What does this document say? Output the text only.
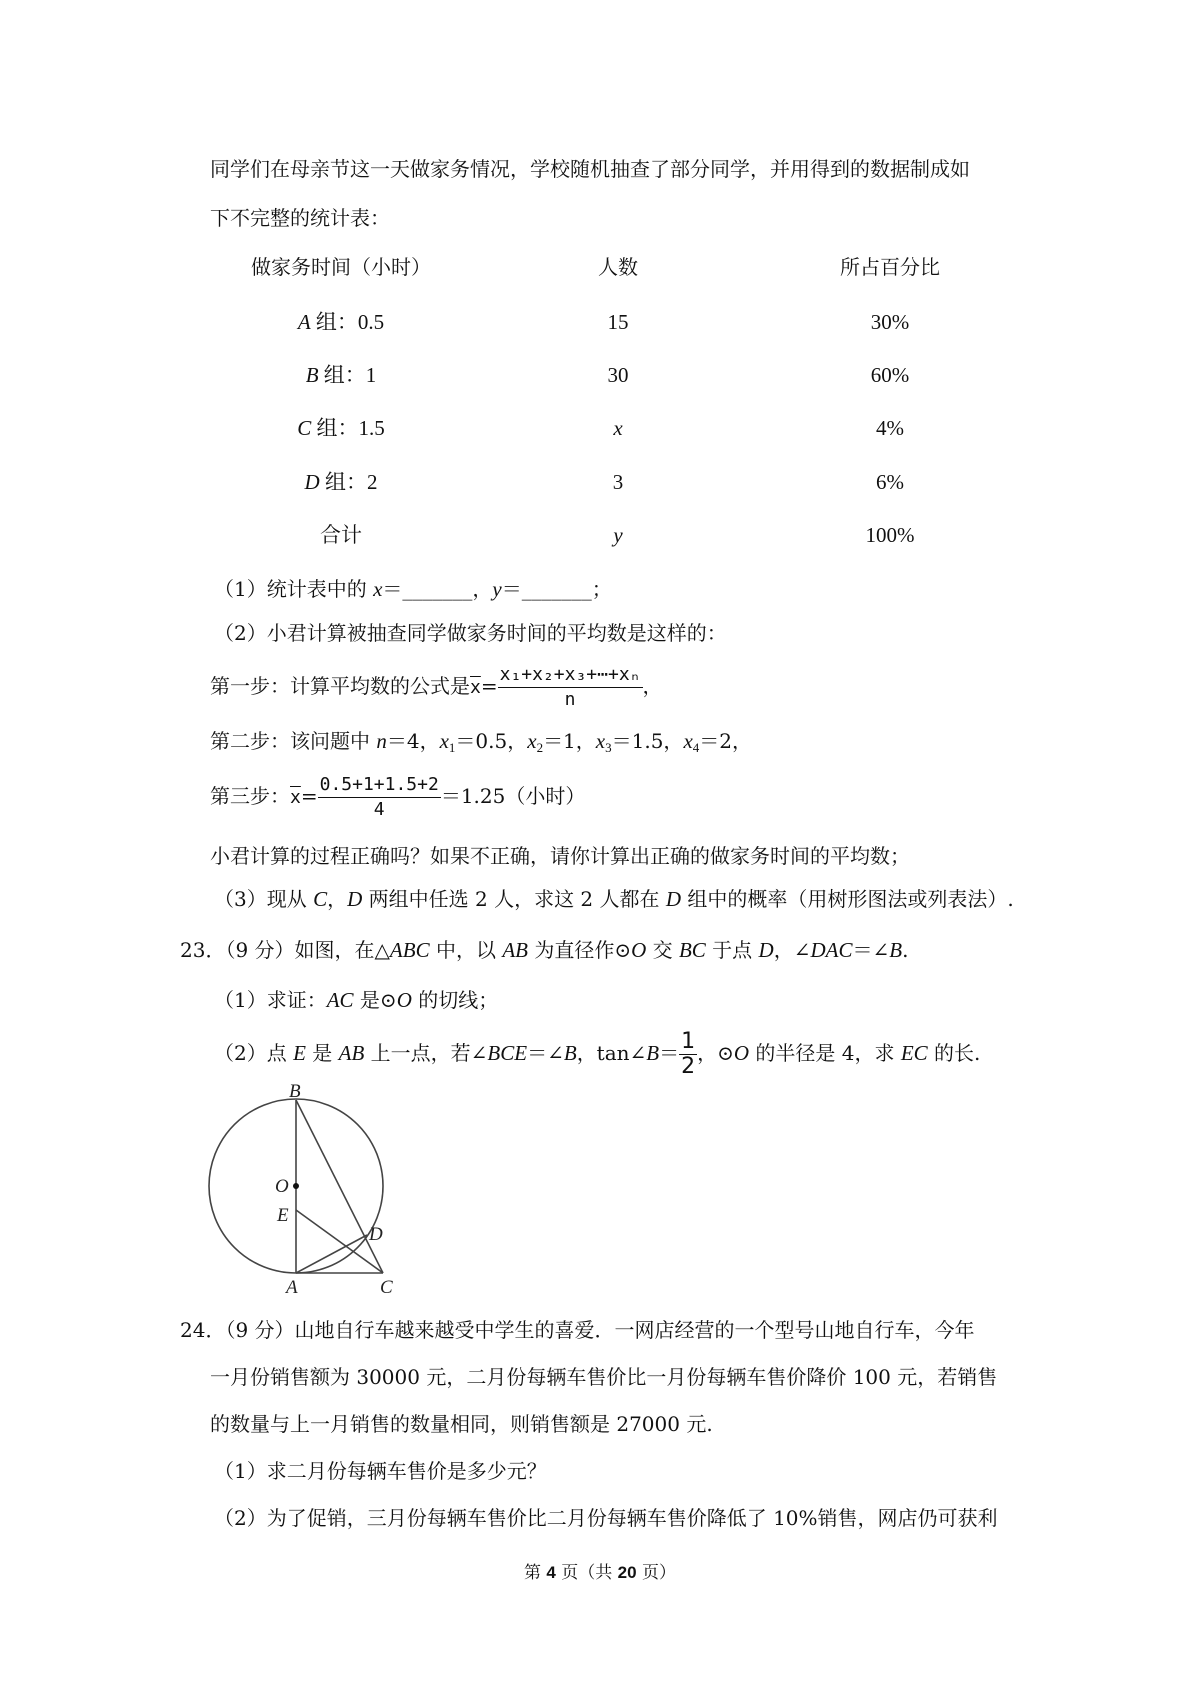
同学们在母亲节这一天做家务情况，学校随机抽查了部分同学，并用得到的数据制成如
下不完整的统计表：
做家务时间（小时）	人数	所占百分比
A 组：0.5	15	30%
B 组：1	30	60%
C 组：1.5	x	4%
D 组：2	3	6%
合计	y	100%
（1）统计表中的 x＝_______，y＝_______；
（2）小君计算被抽查同学做家务时间的平均数是这样的：
第一步：计算平均数的公式是$\overline{x}= \frac{\text{x₁+x₂+x₃+⋯+xₙ}}{n}$ ，
第二步：该问题中 n＝4，$x_1=0.5$，$x_2=1$，$x_3=1.5$，$x_4=2$，
第三步：$\overline{x}= \frac{0.5+1+1.5+2}{4} =1.25$（小时）
小君计算的过程正确吗？如果不正确，请你计算出正确的做家务时间的平均数；
（3）现从 C，D 两组中任选 2 人，求这 2 人都在 D 组中的概率（用树形图法或列表法）.
23．（9 分）如图，在△ABC 中，以 AB 为直径作⊙O 交 BC 于点 D，∠DAC＝∠B.
（1）求证：AC 是⊙O 的切线；
（2）点 E 是 AB 上一点，若∠BCE＝∠B，tan∠B＝ $\frac{1}{2}$ ，⊙O 的半径是 4，求 EC 的长.
B
O
E
D
A	C
24．（9 分）山地自行车越来越受中学生的喜爱．一网店经营的一个型号山地自行车，今年
一月份销售额为 30000 元，二月份每辆车售价比一月份每辆车售价降价 100 元，若销售
的数量与上一月销售的数量相同，则销售额是 27000 元.
（1）求二月份每辆车售价是多少元？
（2）为了促销，三月份每辆车售价比二月份每辆车售价降低了 10%销售，网店仍可获利
第 4 页（共 20 页）
